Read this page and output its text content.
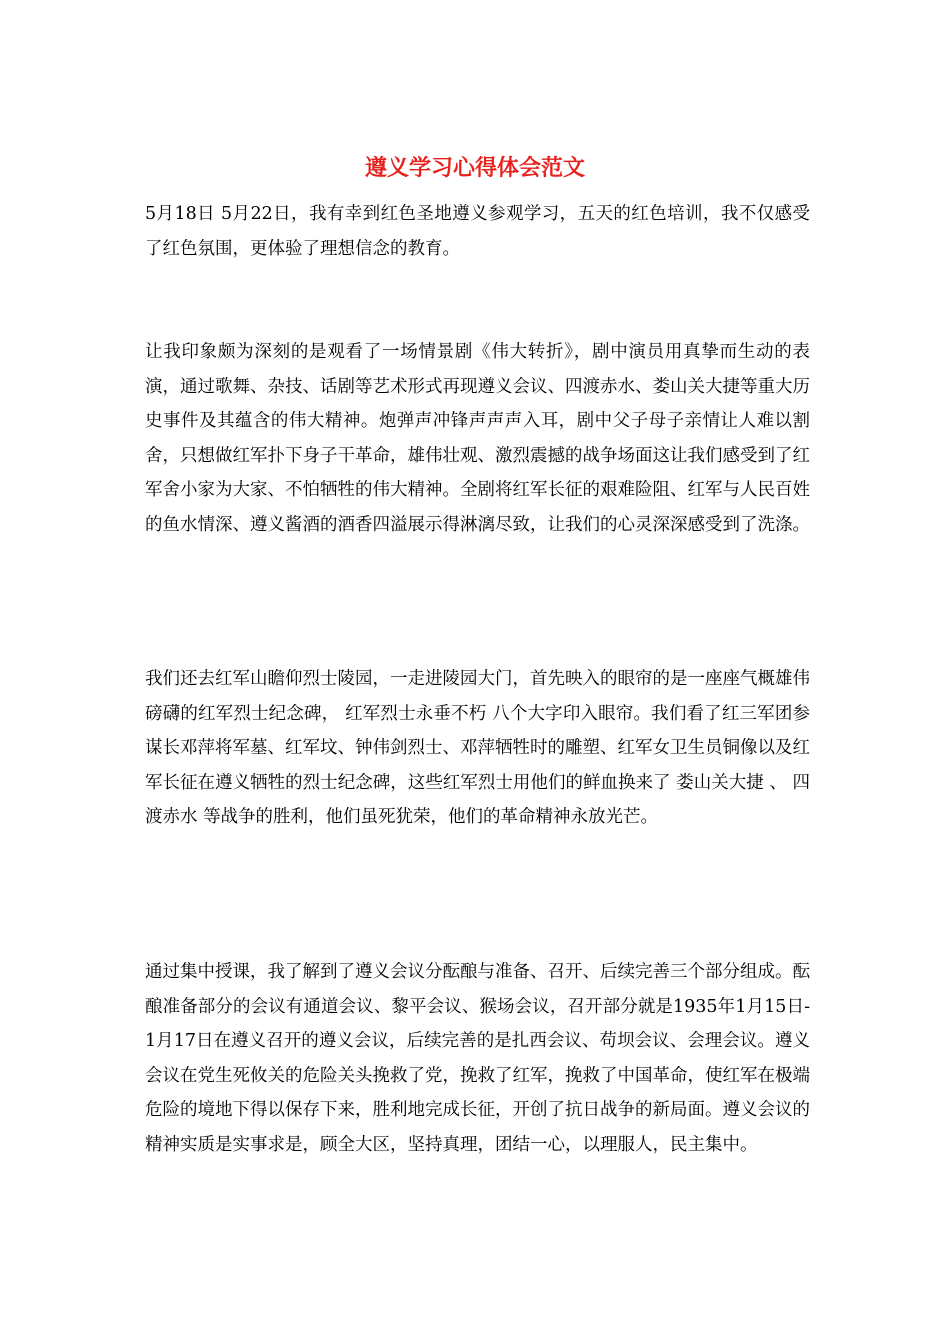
遵义学习心得体会范文

5月18日 5月22日，我有幸到红色圣地遵义参观学习，五天的红色培训，我不仅感受了红色氛围，更体验了理想信念的教育。

让我印象颇为深刻的是观看了一场情景剧《伟大转折》，剧中演员用真挚而生动的表演，通过歌舞、杂技、话剧等艺术形式再现遵义会议、四渡赤水、娄山关大捷等重大历史事件及其蕴含的伟大精神。炮弹声冲锋声声声入耳，剧中父子母子亲情让人难以割舍，只想做红军扑下身子干革命，雄伟壮观、激烈震撼的战争场面这让我们感受到了红军舍小家为大家、不怕牺牲的伟大精神。全剧将红军长征的艰难险阻、红军与人民百姓的鱼水情深、遵义酱酒的酒香四溢展示得淋漓尽致，让我们的心灵深深感受到了洗涤。

我们还去红军山瞻仰烈士陵园，一走进陵园大门，首先映入的眼帘的是一座座气概雄伟磅礴的红军烈士纪念碑， 红军烈士永垂不朽 八个大字印入眼帘。我们看了红三军团参谋长邓萍将军墓、红军坟、钟伟剑烈士、邓萍牺牲时的雕塑、红军女卫生员铜像以及红军长征在遵义牺牲的烈士纪念碑，这些红军烈士用他们的鲜血换来了 娄山关大捷 、 四渡赤水 等战争的胜利，他们虽死犹荣，他们的革命精神永放光芒。

通过集中授课，我了解到了遵义会议分酝酿与准备、召开、后续完善三个部分组成。酝酿准备部分的会议有通道会议、黎平会议、猴场会议，召开部分就是1935年1月15日-1月17日在遵义召开的遵义会议，后续完善的是扎西会议、苟坝会议、会理会议。遵义会议在党生死攸关的危险关头挽救了党，挽救了红军，挽救了中国革命，使红军在极端危险的境地下得以保存下来，胜利地完成长征，开创了抗日战争的新局面。遵义会议的精神实质是实事求是，顾全大区，坚持真理，团结一心，以理服人，民主集中。
